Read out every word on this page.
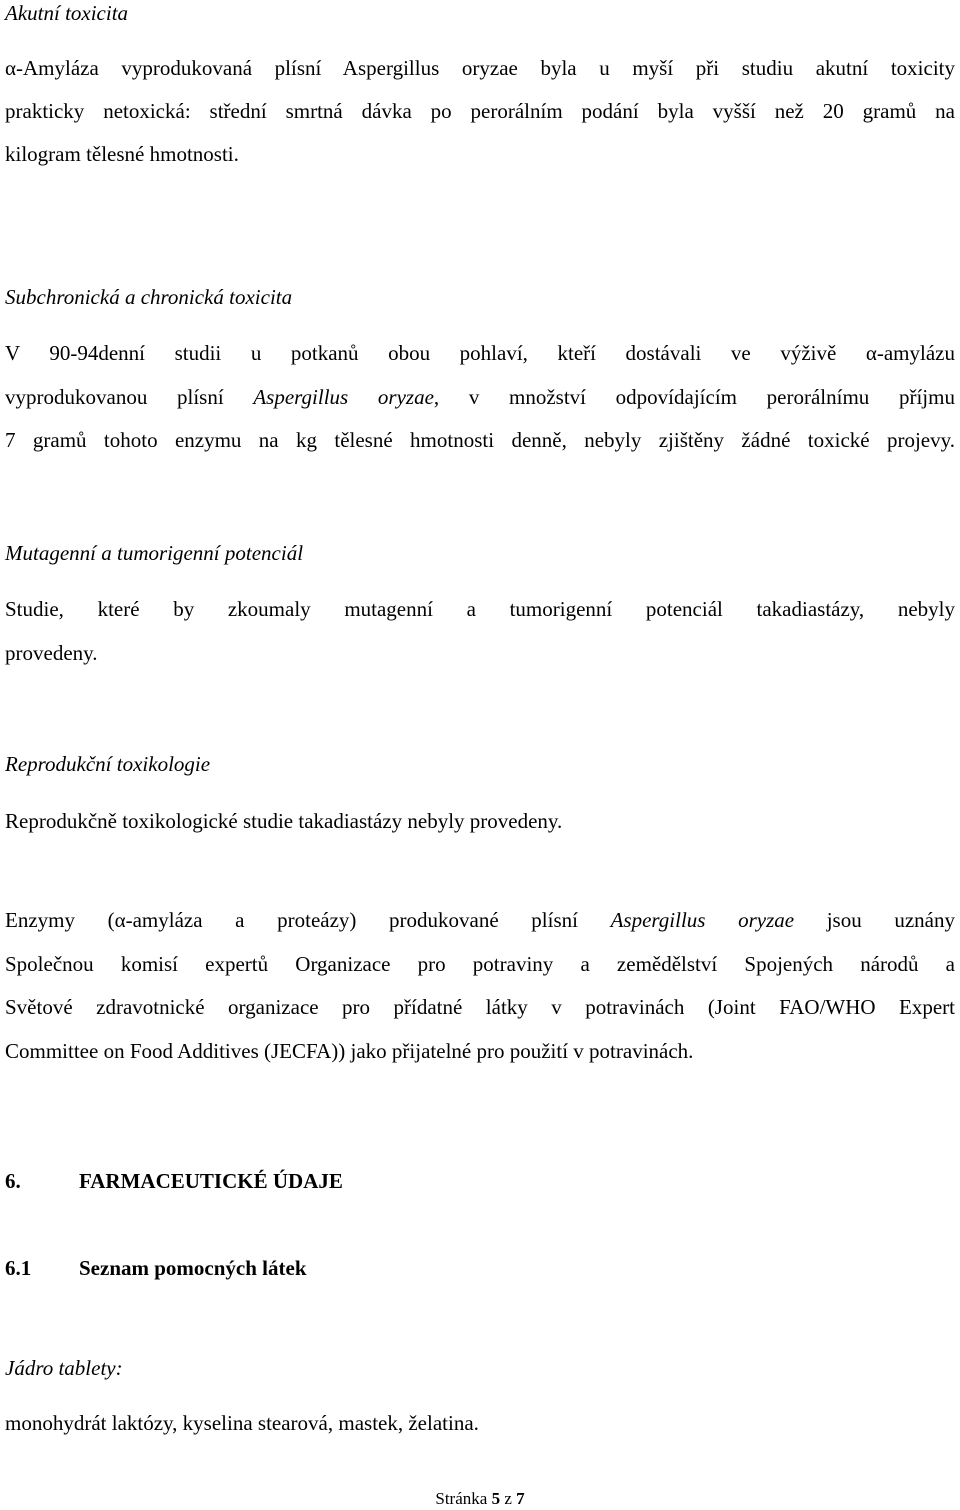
Akutní toxicita
α-Amyláza vyprodukovaná plísní Aspergillus oryzae byla u myší při studiu akutní toxicity
prakticky netoxická: střední smrtná dávka po perorálním podání byla vyšší než 20 gramů na
kilogram tělesné hmotnosti.
Subchronická a chronická toxicita
V 90-94denní studii u potkanů obou pohlaví, kteří dostávali ve výživě α-amylázu
vyprodukovanou plísní Aspergillus oryzae, v množství odpovídajícím perorálnímu příjmu
7 gramů tohoto enzymu na kg tělesné hmotnosti denně, nebyly zjištěny žádné toxické projevy.
Mutagenní a tumorigenní potenciál
Studie, které by zkoumaly mutagenní a tumorigenní potenciál takadiastázy, nebyly
provedeny.
Reprodukční toxikologie
Reprodukčně toxikologické studie takadiastázy nebyly provedeny.
Enzymy (α-amyláza a proteázy) produkované plísní Aspergillus oryzae jsou uznány
Společnou komisí expertů Organizace pro potraviny a zemědělství Spojených národů a
Světové zdravotnické organizace pro přídatné látky v potravinách (Joint FAO/WHO Expert
Committee on Food Additives (JECFA)) jako přijatelné pro použití v potravinách.
6.	FARMACEUTICKÉ ÚDAJE
6.1 Seznam pomocných látek
Jádro tablety:
monohydrát laktózy, kyselina stearová, mastek, želatina.
Stránka 5 z 7
